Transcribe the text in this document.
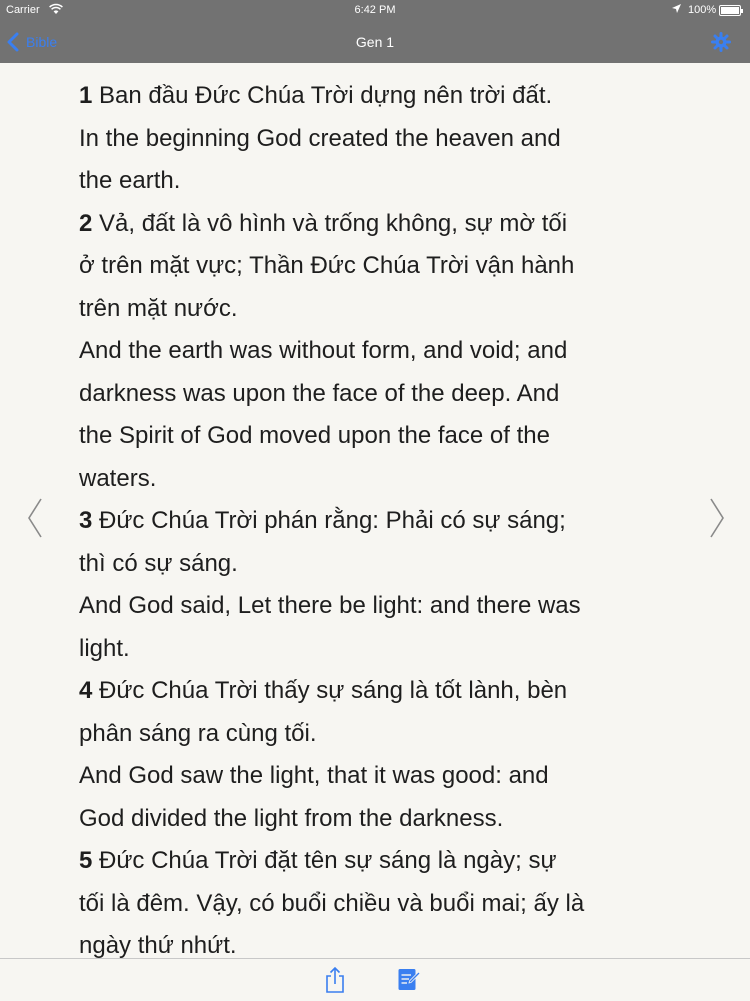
Carrier	6:42 PM	100%
Bible	Gen 1

1 Ban đầu Đức Chúa Trời dựng nên trời đất.

In the beginning God created the heaven and

the earth.

2 Vả, đất là vô hình và trống không, sự mờ tối

ở trên mặt vực; Thần Đức Chúa Trời vận hành

trên mặt nước.

And the earth was without form, and void; and

darkness was upon the face of the deep. And

the Spirit of God moved upon the face of the

waters.

3 Đức Chúa Trời phán rằng: Phải có sự sáng;

thì có sự sáng.

And God said, Let there be light: and there was

light.

4 Đức Chúa Trời thấy sự sáng là tốt lành, bèn

phân sáng ra cùng tối.

And God saw the light, that it was good: and

God divided the light from the darkness.

5 Đức Chúa Trời đặt tên sự sáng là ngày; sự

tối là đêm. Vậy, có buổi chiều và buổi mai; ấy là

ngày thứ nhứt.
